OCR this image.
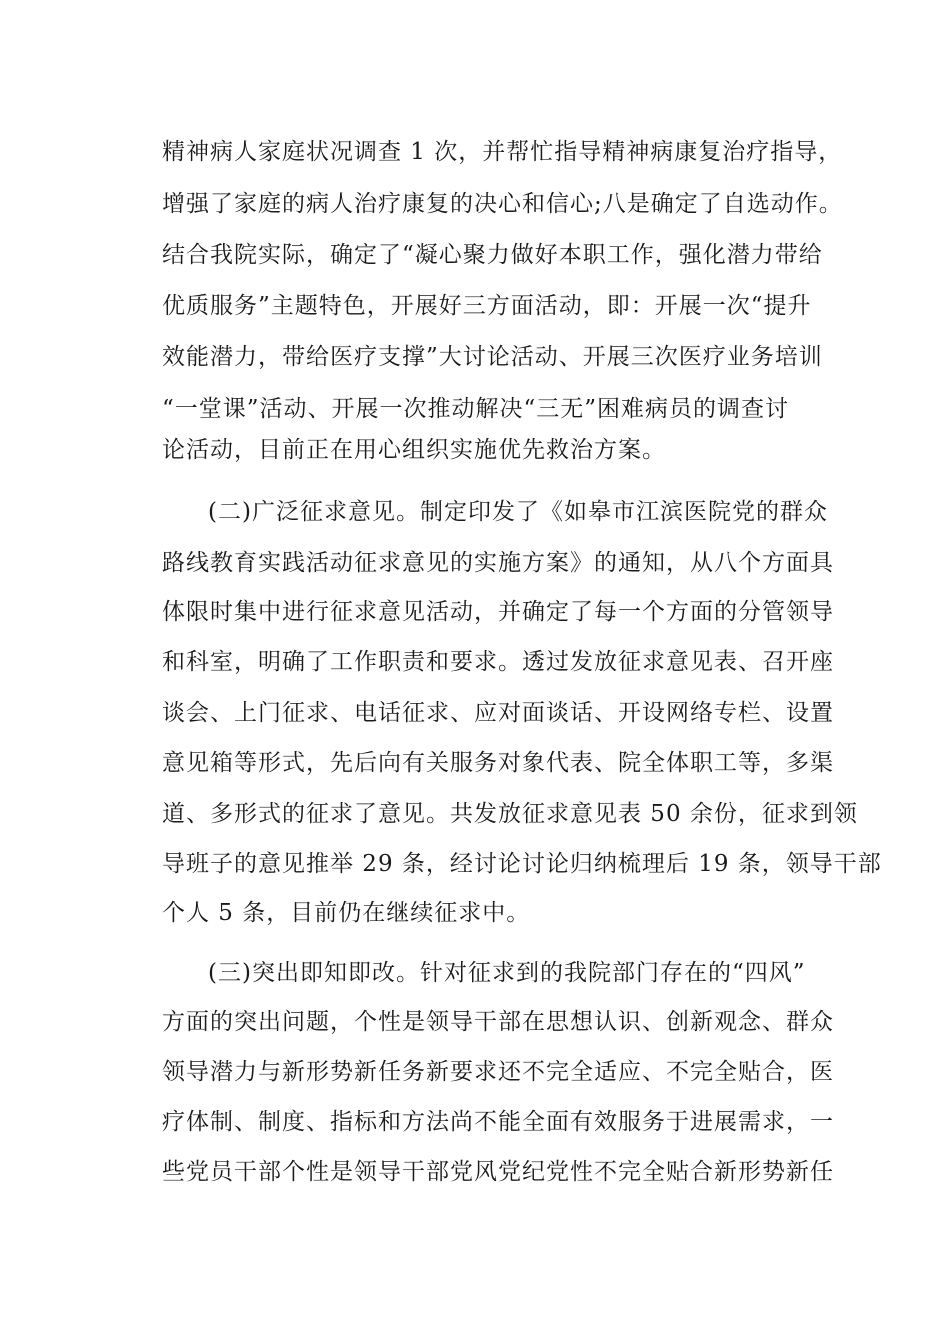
精神病人家庭状况调查 1 次，并帮忙指导精神病康复治疗指导，
增强了家庭的病人治疗康复的决心和信心;八是确定了自选动作。
结合我院实际，确定了“凝心聚力做好本职工作，强化潜力带给
优质服务”主题特色，开展好三方面活动，即：开展一次“提升
效能潜力，带给医疗支撑”大讨论活动、开展三次医疗业务培训
“一堂课”活动、开展一次推动解决“三无”困难病员的调查讨
论活动，目前正在用心组织实施优先救治方案。
(二)广泛征求意见。制定印发了《如皋市江滨医院党的群众
路线教育实践活动征求意见的实施方案》的通知，从八个方面具
体限时集中进行征求意见活动，并确定了每一个方面的分管领导
和科室，明确了工作职责和要求。透过发放征求意见表、召开座
谈会、上门征求、电话征求、应对面谈话、开设网络专栏、设置
意见箱等形式，先后向有关服务对象代表、院全体职工等，多渠
道、多形式的征求了意见。共发放征求意见表 50 余份，征求到领
导班子的意见推举 29 条，经讨论讨论归纳梳理后 19 条，领导干部
个人 5 条，目前仍在继续征求中。
(三)突出即知即改。针对征求到的我院部门存在的“四风”
方面的突出问题，个性是领导干部在思想认识、创新观念、群众
领导潜力与新形势新任务新要求还不完全适应、不完全贴合，医
疗体制、制度、指标和方法尚不能全面有效服务于进展需求，一
些党员干部个性是领导干部党风党纪党性不完全贴合新形势新任
